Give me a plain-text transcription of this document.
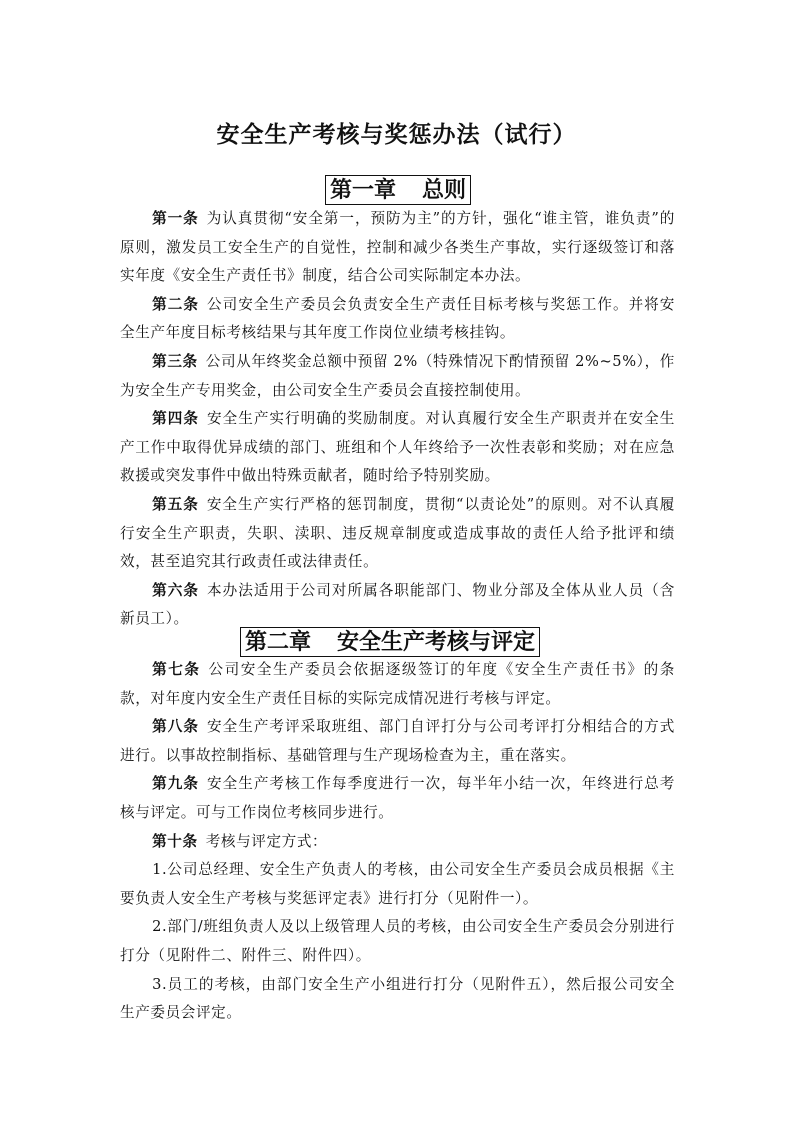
安全生产考核与奖惩办法（试行）
第一章 总则

第一条 为认真贯彻“安全第一，预防为主”的方针，强化“谁主管，谁负责”的原则，激发员工安全生产的自觉性，控制和减少各类生产事故，实行逐级签订和落实年度《安全生产责任书》制度，结合公司实际制定本办法。

第二条 公司安全生产委员会负责安全生产责任目标考核与奖惩工作。并将安全生产年度目标考核结果与其年度工作岗位业绩考核挂钩。

第三条 公司从年终奖金总额中预留 2%（特殊情况下酌情预留 2%~5%），作为安全生产专用奖金，由公司安全生产委员会直接控制使用。

第四条 安全生产实行明确的奖励制度。对认真履行安全生产职责并在安全生产工作中取得优异成绩的部门、班组和个人年终给予一次性表彰和奖励；对在应急救援或突发事件中做出特殊贡献者，随时给予特别奖励。

第五条 安全生产实行严格的惩罚制度，贯彻“以责论处”的原则。对不认真履行安全生产职责，失职、渎职、违反规章制度或造成事故的责任人给予批评和绩效，甚至追究其行政责任或法律责任。

第六条 本办法适用于公司对所属各职能部门、物业分部及全体从业人员（含新员工）。

第二章 安全生产考核与评定

第七条 公司安全生产委员会依据逐级签订的年度《安全生产责任书》的条款，对年度内安全生产责任目标的实际完成情况进行考核与评定。

第八条 安全生产考评采取班组、部门自评打分与公司考评打分相结合的方式进行。以事故控制指标、基础管理与生产现场检查为主，重在落实。

第九条 安全生产考核工作每季度进行一次，每半年小结一次，年终进行总考核与评定。可与工作岗位考核同步进行。

第十条 考核与评定方式：

1.公司总经理、安全生产负责人的考核，由公司安全生产委员会成员根据《主要负责人安全生产考核与奖惩评定表》进行打分（见附件一）。

2.部门/班组负责人及以上级管理人员的考核，由公司安全生产委员会分别进行打分（见附件二、附件三、附件四）。

3.员工的考核，由部门安全生产小组进行打分（见附件五），然后报公司安全生产委员会评定。
